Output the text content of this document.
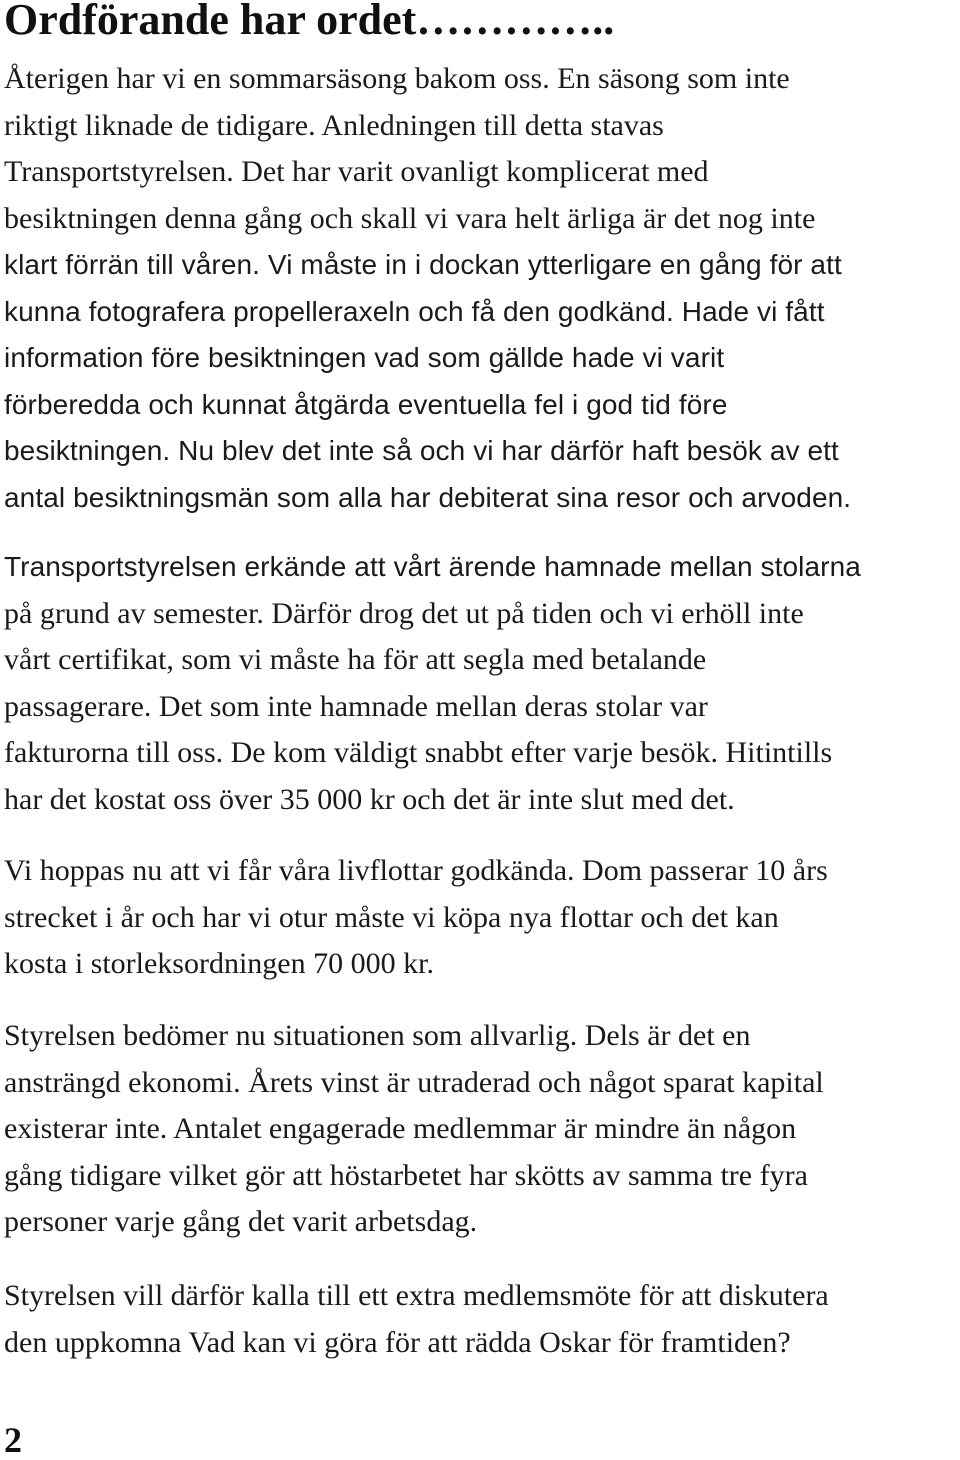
Ordförande har ordet…………..

Återigen har vi en sommarsäsong bakom oss. En säsong som inte
riktigt liknade de tidigare. Anledningen till detta stavas
Transportstyrelsen. Det har varit ovanligt komplicerat med
besiktningen denna gång och skall vi vara helt ärliga är det nog inte
klart förrän till våren. Vi måste in i dockan ytterligare en gång för att
kunna fotografera propelleraxeln och få den godkänd. Hade vi fått
information före besiktningen vad som gällde hade vi varit
förberedda och kunnat åtgärda eventuella fel i god tid före
besiktningen. Nu blev det inte så och vi har därför haft besök av ett
antal besiktningsmän som alla har debiterat sina resor och arvoden.

Transportstyrelsen erkände att vårt ärende hamnade mellan stolarna
på grund av semester. Därför drog det ut på tiden och vi erhöll inte
vårt certifikat, som vi måste ha för att segla med betalande
passagerare. Det som inte hamnade mellan deras stolar var
fakturorna till oss. De kom väldigt snabbt efter varje besök. Hitintills
har det kostat oss över 35 000 kr och det är inte slut med det.

Vi hoppas nu att vi får våra livflottar godkända. Dom passerar 10 års
strecket i år och har vi otur måste vi köpa nya flottar och det kan
kosta i storleksordningen 70 000 kr.

Styrelsen bedömer nu situationen som allvarlig. Dels är det en
ansträngd ekonomi. Årets vinst är utraderad och något sparat kapital
existerar inte. Antalet engagerade medlemmar är mindre än någon
gång tidigare vilket gör att höstarbetet har skötts av samma tre fyra
personer varje gång det varit arbetsdag.

Styrelsen vill därför kalla till ett extra medlemsmöte för att diskutera
den uppkomna Vad kan vi göra för att rädda Oskar för framtiden?

2
